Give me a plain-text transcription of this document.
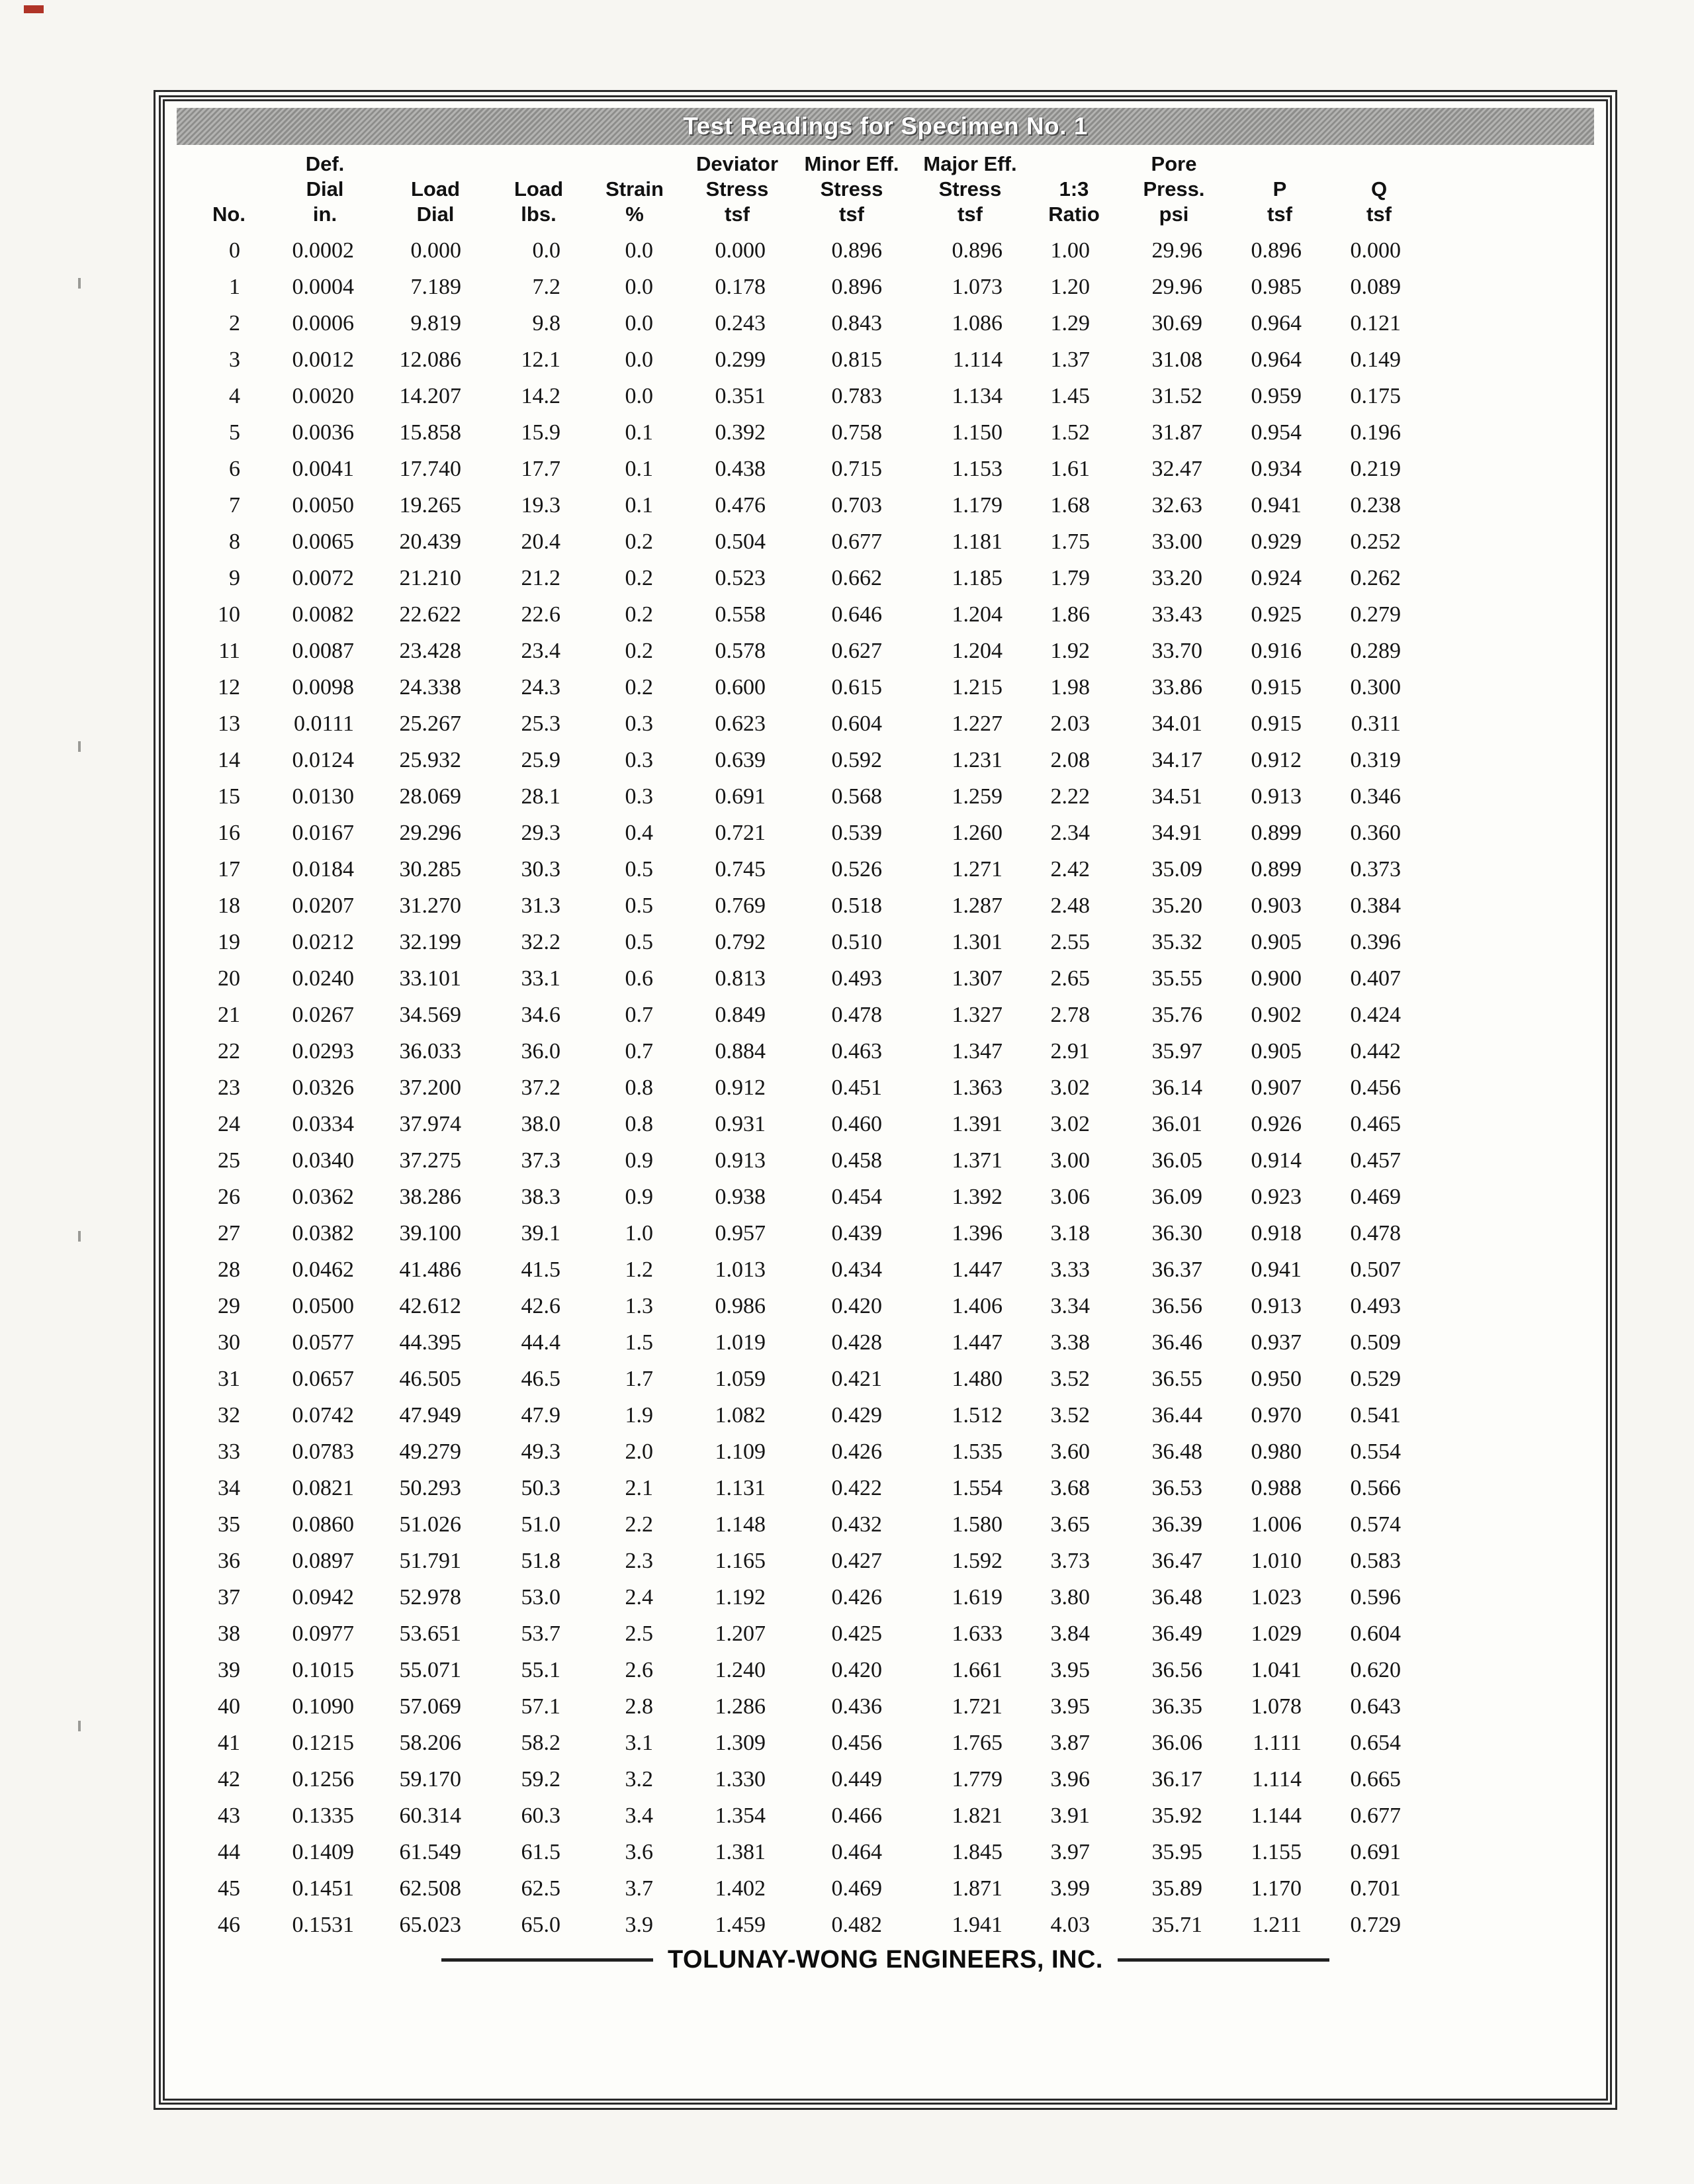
Test Readings for Specimen No. 1
No.

Def.
Dial
in.

Load
Dial

Load
lbs.

Strain
%

Deviator
Stress
tsf

Minor Eff.
Stress
tsf

Major Eff.
Stress
tsf

1:3
Ratio

Pore
Press.
psi

P
tsf

Q
tsf

0	0.0002	0.000	0.0	0.0	0.000	0.896	0.896	1.00	29.96	0.896	0.000
1	0.0004	7.189	7.2	0.0	0.178	0.896	1.073	1.20	29.96	0.985	0.089
2	0.0006	9.819	9.8	0.0	0.243	0.843	1.086	1.29	30.69	0.964	0.121
3	0.0012	12.086	12.1	0.0	0.299	0.815	1.114	1.37	31.08	0.964	0.149
4	0.0020	14.207	14.2	0.0	0.351	0.783	1.134	1.45	31.52	0.959	0.175
5	0.0036	15.858	15.9	0.1	0.392	0.758	1.150	1.52	31.87	0.954	0.196
6	0.0041	17.740	17.7	0.1	0.438	0.715	1.153	1.61	32.47	0.934	0.219
7	0.0050	19.265	19.3	0.1	0.476	0.703	1.179	1.68	32.63	0.941	0.238
8	0.0065	20.439	20.4	0.2	0.504	0.677	1.181	1.75	33.00	0.929	0.252
9	0.0072	21.210	21.2	0.2	0.523	0.662	1.185	1.79	33.20	0.924	0.262
10	0.0082	22.622	22.6	0.2	0.558	0.646	1.204	1.86	33.43	0.925	0.279
11	0.0087	23.428	23.4	0.2	0.578	0.627	1.204	1.92	33.70	0.916	0.289
12	0.0098	24.338	24.3	0.2	0.600	0.615	1.215	1.98	33.86	0.915	0.300
13	0.0111	25.267	25.3	0.3	0.623	0.604	1.227	2.03	34.01	0.915	0.311
14	0.0124	25.932	25.9	0.3	0.639	0.592	1.231	2.08	34.17	0.912	0.319
15	0.0130	28.069	28.1	0.3	0.691	0.568	1.259	2.22	34.51	0.913	0.346
16	0.0167	29.296	29.3	0.4	0.721	0.539	1.260	2.34	34.91	0.899	0.360
17	0.0184	30.285	30.3	0.5	0.745	0.526	1.271	2.42	35.09	0.899	0.373
18	0.0207	31.270	31.3	0.5	0.769	0.518	1.287	2.48	35.20	0.903	0.384
19	0.0212	32.199	32.2	0.5	0.792	0.510	1.301	2.55	35.32	0.905	0.396
20	0.0240	33.101	33.1	0.6	0.813	0.493	1.307	2.65	35.55	0.900	0.407
21	0.0267	34.569	34.6	0.7	0.849	0.478	1.327	2.78	35.76	0.902	0.424
22	0.0293	36.033	36.0	0.7	0.884	0.463	1.347	2.91	35.97	0.905	0.442
23	0.0326	37.200	37.2	0.8	0.912	0.451	1.363	3.02	36.14	0.907	0.456
24	0.0334	37.974	38.0	0.8	0.931	0.460	1.391	3.02	36.01	0.926	0.465
25	0.0340	37.275	37.3	0.9	0.913	0.458	1.371	3.00	36.05	0.914	0.457
26	0.0362	38.286	38.3	0.9	0.938	0.454	1.392	3.06	36.09	0.923	0.469
27	0.0382	39.100	39.1	1.0	0.957	0.439	1.396	3.18	36.30	0.918	0.478
28	0.0462	41.486	41.5	1.2	1.013	0.434	1.447	3.33	36.37	0.941	0.507
29	0.0500	42.612	42.6	1.3	0.986	0.420	1.406	3.34	36.56	0.913	0.493
30	0.0577	44.395	44.4	1.5	1.019	0.428	1.447	3.38	36.46	0.937	0.509
31	0.0657	46.505	46.5	1.7	1.059	0.421	1.480	3.52	36.55	0.950	0.529
32	0.0742	47.949	47.9	1.9	1.082	0.429	1.512	3.52	36.44	0.970	0.541
33	0.0783	49.279	49.3	2.0	1.109	0.426	1.535	3.60	36.48	0.980	0.554
34	0.0821	50.293	50.3	2.1	1.131	0.422	1.554	3.68	36.53	0.988	0.566
35	0.0860	51.026	51.0	2.2	1.148	0.432	1.580	3.65	36.39	1.006	0.574
36	0.0897	51.791	51.8	2.3	1.165	0.427	1.592	3.73	36.47	1.010	0.583
37	0.0942	52.978	53.0	2.4	1.192	0.426	1.619	3.80	36.48	1.023	0.596
38	0.0977	53.651	53.7	2.5	1.207	0.425	1.633	3.84	36.49	1.029	0.604
39	0.1015	55.071	55.1	2.6	1.240	0.420	1.661	3.95	36.56	1.041	0.620
40	0.1090	57.069	57.1	2.8	1.286	0.436	1.721	3.95	36.35	1.078	0.643
41	0.1215	58.206	58.2	3.1	1.309	0.456	1.765	3.87	36.06	1.111	0.654
42	0.1256	59.170	59.2	3.2	1.330	0.449	1.779	3.96	36.17	1.114	0.665
43	0.1335	60.314	60.3	3.4	1.354	0.466	1.821	3.91	35.92	1.144	0.677
44	0.1409	61.549	61.5	3.6	1.381	0.464	1.845	3.97	35.95	1.155	0.691
45	0.1451	62.508	62.5	3.7	1.402	0.469	1.871	3.99	35.89	1.170	0.701
46	0.1531	65.023	65.0	3.9	1.459	0.482	1.941	4.03	35.71	1.211	0.729
TOLUNAY-WONG ENGINEERS, INC.
